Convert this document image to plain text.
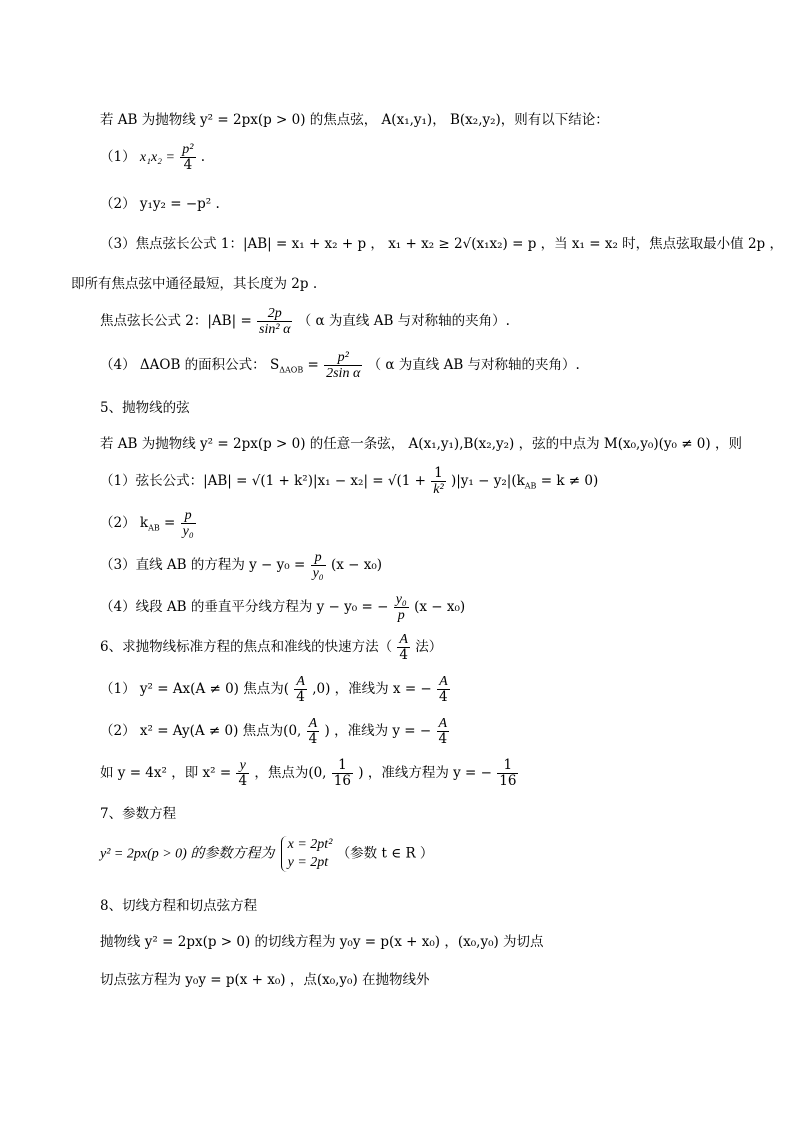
若 AB 为抛物线 y² = 2px(p > 0) 的焦点弦， A(x₁,y₁)， B(x₂,y₂)，则有以下结论：
（1） $x_1x_2 = \frac{\text{p²}}{4}$ .
（2） y₁y₂ = −p² .
（3）焦点弦长公式 1：|AB| = x₁ + x₂ + p ， x₁ + x₂ ≥ 2√(x₁x₂) = p ，当 x₁ = x₂ 时，焦点弦取最小值 2p ，
即所有焦点弦中通径最短，其长度为 2p .
焦点弦长公式 2：$|AB| = \frac{2p}{\text{sin² α}}$ （ α 为直线 AB 与对称轴的夹角）.
（4） ΔAOB 的面积公式： $S_{\Delta AOB} = \frac{\text{p²}}{\text{2sin α}}$ （ α 为直线 AB 与对称轴的夹角）.
5、抛物线的弦
若 AB 为抛物线 y² = 2px(p > 0) 的任意一条弦， A(x₁,y₁),B(x₂,y₂) ，弦的中点为 M(x₀,y₀)(y₀ ≠ 0) ，则
（1）弦长公式：$|AB| = √(1 + k^2)|x_1 - x_2| = √(1 + \frac{1}{\text{k²}} )|y_1 - y_2|(k_{AB} = k \ne 0)$
（2） $k_{AB} = \frac{p}{\text{y₀}}$
（3）直线 AB 的方程为 $y - y_0 = \frac{p}{\text{y₀}} (x - x_0)$
（4）线段 AB 的垂直平分线方程为 y − y₀ = − $\frac{\text{y₀}}{p} (x - x_0)$
6、求抛物线标准方程的焦点和准线的快速方法（ $\frac{A}{4}$ 法）
（1） y² = Ax(A ≠ 0) 焦点为( $\frac{A}{4} ,0$) ，准线为 x = − $\frac{A}{4}$
（2） x² = Ay(A ≠ 0) 焦点为(0, $\frac{A}{4}$ ) ，准线为 y = − $\frac{A}{4}$
如 y = 4x² ，即 $x^2 = \frac{y}{4}$ ，焦点为(0, $\frac{1}{16}$ ) ，准线方程为 y = − $\frac{1}{16}$
7、参数方程
y² = 2px(p > 0) 的参数方程为
x = 2pt²
y = 2pt
（参数 t ∈ R ）
8、切线方程和切点弦方程
抛物线 y² = 2px(p > 0) 的切线方程为 y₀y = p(x + x₀) ，(x₀,y₀) 为切点
切点弦方程为 y₀y = p(x + x₀) ，点(x₀,y₀) 在抛物线外
